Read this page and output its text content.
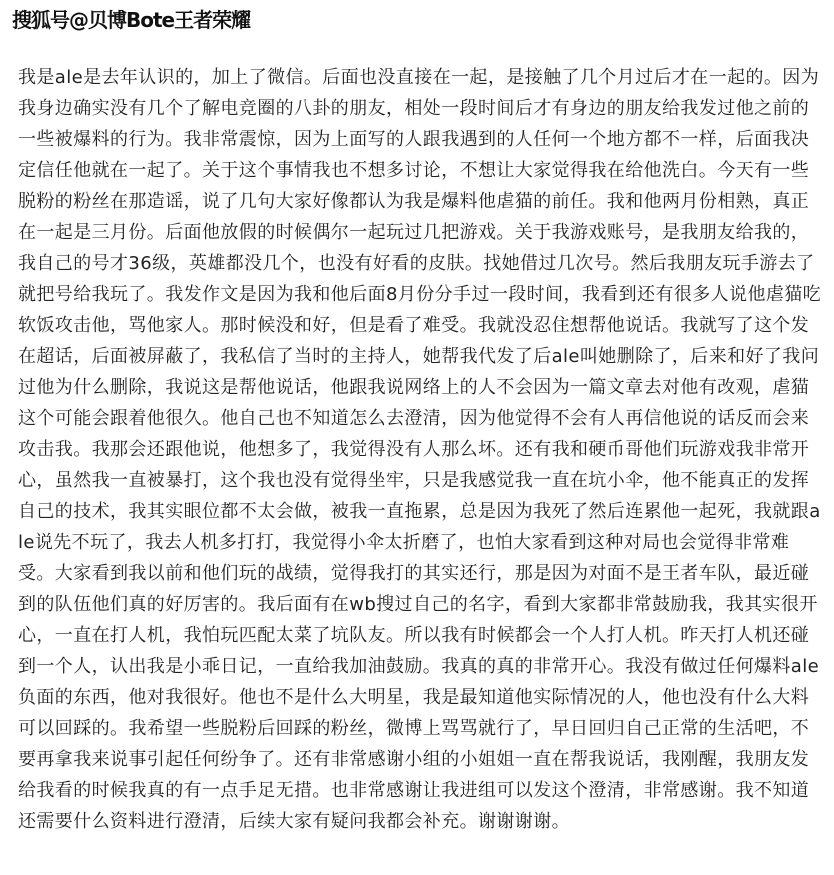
搜狐号@贝博Bote王者荣耀

我是ale是去年认识的，加上了微信。后面也没直接在一起，是接触了几个月过后才在一起的。因为我身边确实没有几个了解电竞圈的八卦的朋友，相处一段时间后才有身边的朋友给我发过他之前的一些被爆料的行为。我非常震惊，因为上面写的人跟我遇到的人任何一个地方都不一样，后面我决定信任他就在一起了。关于这个事情我也不想多讨论，不想让大家觉得我在给他洗白。今天有一些脱粉的粉丝在那造谣，说了几句大家好像都认为我是爆料他虐猫的前任。我和他两月份相熟，真正在一起是三月份。后面他放假的时候偶尔一起玩过几把游戏。关于我游戏账号，是我朋友给我的，我自己的号才36级，英雄都没几个，也没有好看的皮肤。找她借过几次号。然后我朋友玩手游去了就把号给我玩了。我发作文是因为我和他后面8月份分手过一段时间，我看到还有很多人说他虐猫吃软饭攻击他，骂他家人。那时候没和好，但是看了难受。我就没忍住想帮他说话。我就写了这个发在超话，后面被屏蔽了，我私信了当时的主持人，她帮我代发了后ale叫她删除了，后来和好了我问过他为什么删除，我说这是帮他说话，他跟我说网络上的人不会因为一篇文章去对他有改观，虐猫这个可能会跟着他很久。他自己也不知道怎么去澄清，因为他觉得不会有人再信他说的话反而会来攻击我。我那会还跟他说，他想多了，我觉得没有人那么坏。还有我和硬币哥他们玩游戏我非常开心，虽然我一直被暴打，这个我也没有觉得坐牢，只是我感觉我一直在坑小伞，他不能真正的发挥自己的技术，我其实眼位都不太会做，被我一直拖累，总是因为我死了然后连累他一起死，我就跟ale说先不玩了，我去人机多打打，我觉得小伞太折磨了，也怕大家看到这种对局也会觉得非常难受。大家看到我以前和他们玩的战绩，觉得我打的其实还行，那是因为对面不是王者车队，最近碰到的队伍他们真的好厉害的。我后面有在wb搜过自己的名字，看到大家都非常鼓励我，我其实很开心，一直在打人机，我怕玩匹配太菜了坑队友。所以我有时候都会一个人打人机。昨天打人机还碰到一个人，认出我是小乖日记，一直给我加油鼓励。我真的真的非常开心。我没有做过任何爆料ale负面的东西，他对我很好。他也不是什么大明星，我是最知道他实际情况的人，他也没有什么大料可以回踩的。我希望一些脱粉后回踩的粉丝，微博上骂骂就行了，早日回归自己正常的生活吧，不要再拿我来说事引起任何纷争了。还有非常感谢小组的小姐姐一直在帮我说话，我刚醒，我朋友发给我看的时候我真的有一点手足无措。也非常感谢让我进组可以发这个澄清，非常感谢。我不知道还需要什么资料进行澄清，后续大家有疑问我都会补充。谢谢谢谢。
